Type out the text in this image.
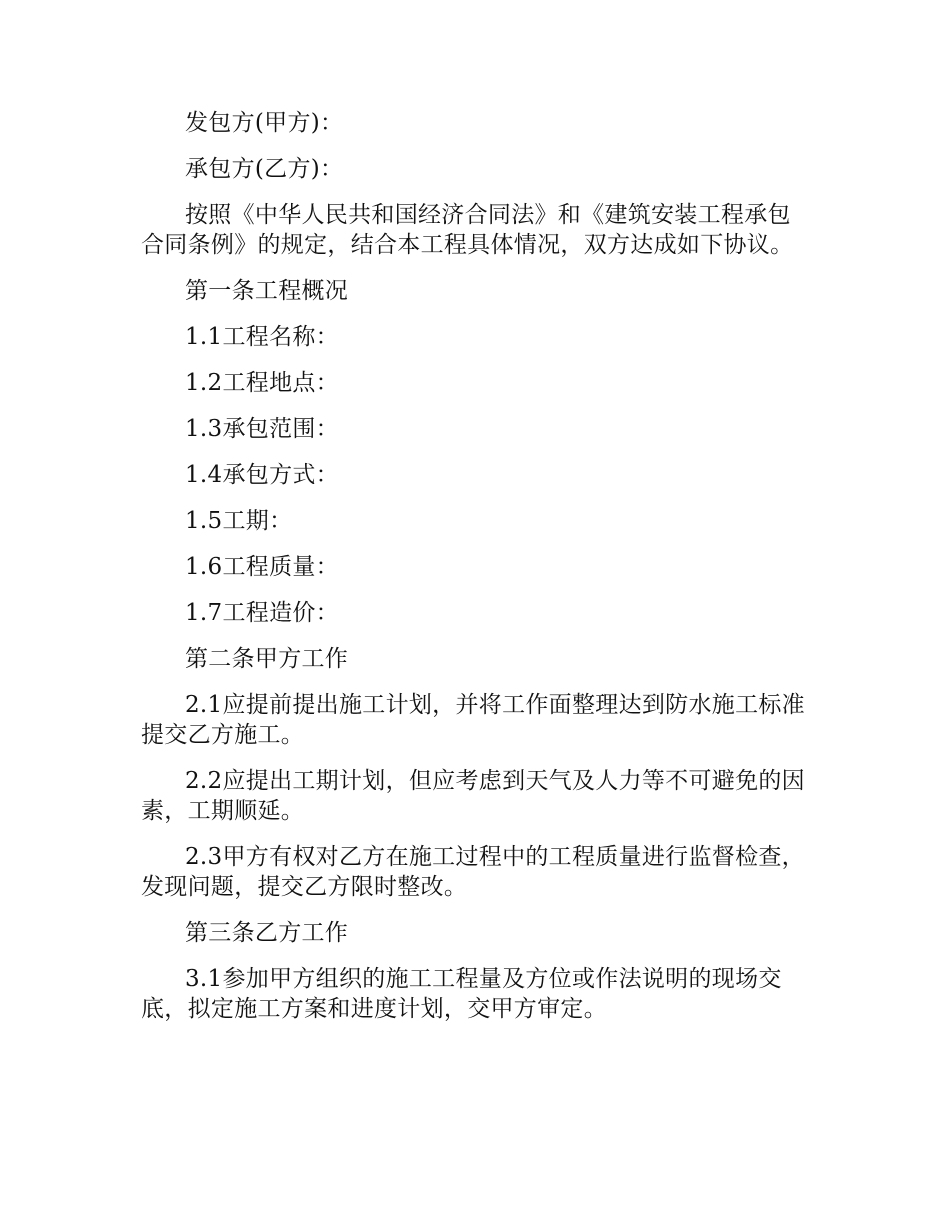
发包方(甲方)：

承包方(乙方)：

按照《中华人民共和国经济合同法》和《建筑安装工程承包合同条例》的规定，结合本工程具体情况，双方达成如下协议。

第一条工程概况

1.1工程名称：

1.2工程地点：

1.3承包范围：

1.4承包方式：

1.5工期：

1.6工程质量：

1.7工程造价：

第二条甲方工作

2.1应提前提出施工计划，并将工作面整理达到防水施工标准提交乙方施工。

2.2应提出工期计划，但应考虑到天气及人力等不可避免的因素，工期顺延。

2.3甲方有权对乙方在施工过程中的工程质量进行监督检查，发现问题，提交乙方限时整改。

第三条乙方工作

3.1参加甲方组织的施工工程量及方位或作法说明的现场交底，拟定施工方案和进度计划，交甲方审定。
